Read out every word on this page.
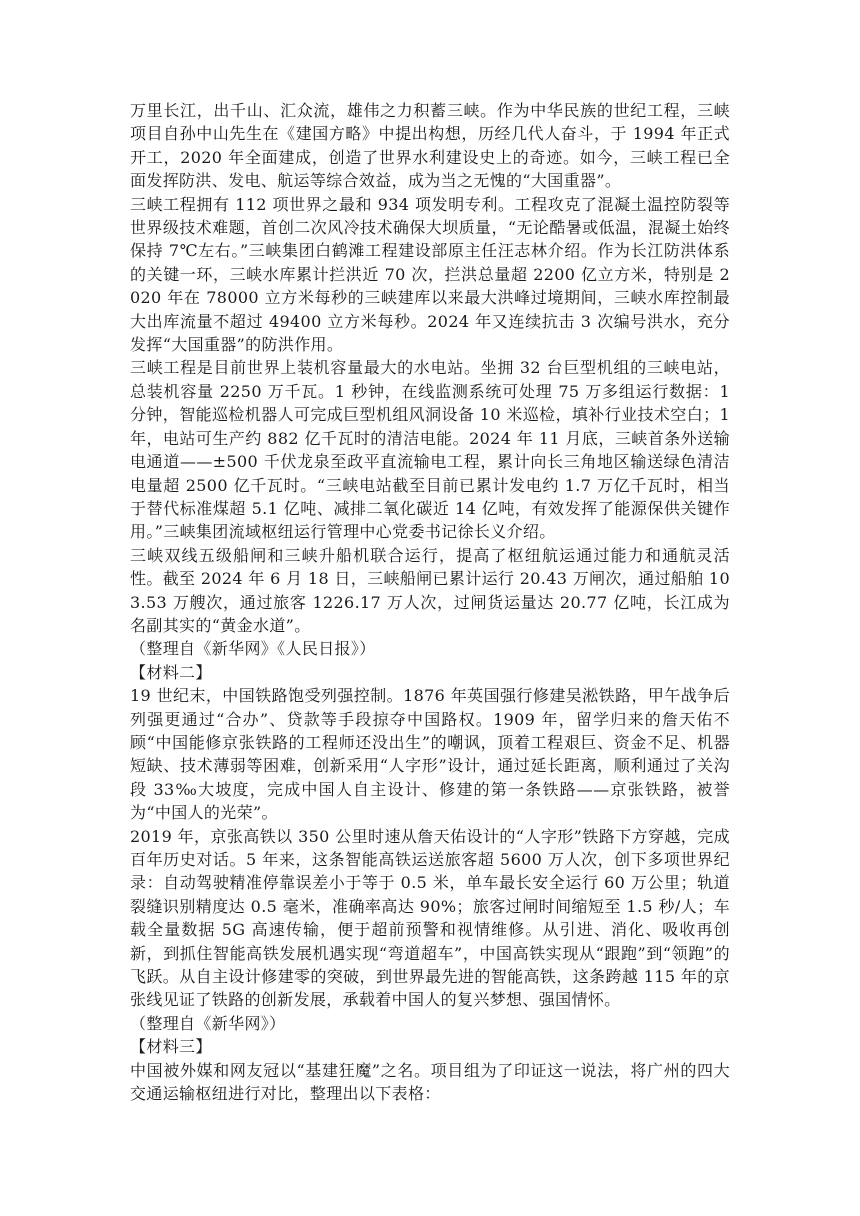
万里长江，出千山、汇众流，雄伟之力积蓄三峡。作为中华民族的世纪工程，三峡项目自孙中山先生在《建国方略》中提出构想，历经几代人奋斗，于 1994 年正式开工，2020 年全面建成，创造了世界水利建设史上的奇迹。如今，三峡工程已全面发挥防洪、发电、航运等综合效益，成为当之无愧的“大国重器”。

三峡工程拥有 112 项世界之最和 934 项发明专利。工程攻克了混凝土温控防裂等世界级技术难题，首创二次风冷技术确保大坝质量，“无论酷暑或低温，混凝土始终保持 7℃左右。”三峡集团白鹤滩工程建设部原主任汪志林介绍。作为长江防洪体系的关键一环，三峡水库累计拦洪近 70 次，拦洪总量超 2200 亿立方米，特别是 2020 年在 78000 立方米每秒的三峡建库以来最大洪峰过境期间，三峡水库控制最大出库流量不超过 49400 立方米每秒。2024 年又连续抗击 3 次编号洪水，充分发挥“大国重器”的防洪作用。

三峡工程是目前世界上装机容量最大的水电站。坐拥 32 台巨型机组的三峡电站，总装机容量 2250 万千瓦。1 秒钟，在线监测系统可处理 75 万多组运行数据：1 分钟，智能巡检机器人可完成巨型机组风洞设备 10 米巡检，填补行业技术空白；1 年，电站可生产约 882 亿千瓦时的清洁电能。2024 年 11 月底，三峡首条外送输电通道——±500 千伏龙泉至政平直流输电工程，累计向长三角地区输送绿色清洁电量超 2500 亿千瓦时。“三峡电站截至目前已累计发电约 1.7 万亿千瓦时，相当于替代标准煤超 5.1 亿吨、减排二氧化碳近 14 亿吨，有效发挥了能源保供关键作用。”三峡集团流域枢纽运行管理中心党委书记徐长义介绍。

三峡双线五级船闸和三峡升船机联合运行，提高了枢纽航运通过能力和通航灵活性。截至 2024 年 6 月 18 日，三峡船闸已累计运行 20.43 万闸次，通过船舶 103.53 万艘次，通过旅客 1226.17 万人次，过闸货运量达 20.77 亿吨，长江成为名副其实的“黄金水道”。

（整理自《新华网》《人民日报》）

【材料二】

19 世纪末，中国铁路饱受列强控制。1876 年英国强行修建吴淞铁路，甲午战争后列强更通过“合办”、贷款等手段掠夺中国路权。1909 年，留学归来的詹天佑不顾“中国能修京张铁路的工程师还没出生”的嘲讽，顶着工程艰巨、资金不足、机器短缺、技术薄弱等困难，创新采用“人字形”设计，通过延长距离，顺利通过了关沟段 33‰大坡度，完成中国人自主设计、修建的第一条铁路——京张铁路，被誉为“中国人的光荣”。

2019 年，京张高铁以 350 公里时速从詹天佑设计的“人字形”铁路下方穿越，完成百年历史对话。5 年来，这条智能高铁运送旅客超 5600 万人次，创下多项世界纪录：自动驾驶精准停靠误差小于等于 0.5 米，单车最长安全运行 60 万公里；轨道裂缝识别精度达 0.5 毫米，准确率高达 90%；旅客过闸时间缩短至 1.5 秒/人；车载全量数据 5G 高速传输，便于超前预警和视情维修。从引进、消化、吸收再创新，到抓住智能高铁发展机遇实现“弯道超车”，中国高铁实现从“跟跑”到“领跑”的飞跃。从自主设计修建零的突破，到世界最先进的智能高铁，这条跨越 115 年的京张线见证了铁路的创新发展，承载着中国人的复兴梦想、强国情怀。

（整理自《新华网》）

【材料三】

中国被外媒和网友冠以“基建狂魔”之名。项目组为了印证这一说法，将广州的四大交通运输枢纽进行对比，整理出以下表格：
